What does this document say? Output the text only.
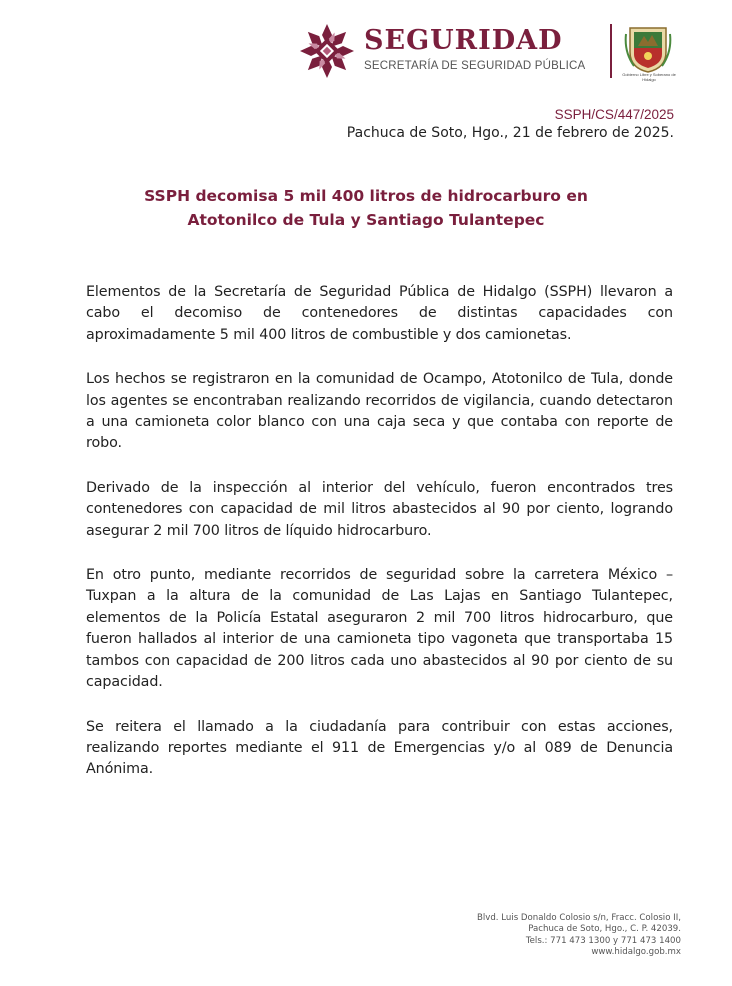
SEGURIDAD
SECRETARÍA DE SEGURIDAD PÚBLICA
Gobierno Libre y Soberano de Hidalgo
SSPH/CS/447/2025
Pachuca de Soto, Hgo., 21 de febrero de 2025.
SSPH decomisa 5 mil 400 litros de hidrocarburo en
Atotonilco de Tula y Santiago Tulantepec

Elementos de la Secretaría de Seguridad Pública de Hidalgo (SSPH) llevaron a cabo el decomiso de contenedores de distintas capacidades con aproximadamente 5 mil 400 litros de combustible y dos camionetas.

Los hechos se registraron en la comunidad de Ocampo, Atotonilco de Tula, donde los agentes se encontraban realizando recorridos de vigilancia, cuando detectaron a una camioneta color blanco con una caja seca y que contaba con reporte de robo.

Derivado de la inspección al interior del vehículo, fueron encontrados tres contenedores con capacidad de mil litros abastecidos al 90 por ciento, logrando asegurar 2 mil 700 litros de líquido hidrocarburo.

En otro punto, mediante recorridos de seguridad sobre la carretera México – Tuxpan a la altura de la comunidad de Las Lajas en Santiago Tulantepec, elementos de la Policía Estatal aseguraron 2 mil 700 litros hidrocarburo, que fueron hallados al interior de una camioneta tipo vagoneta que transportaba 15 tambos con capacidad de 200 litros cada uno abastecidos al 90 por ciento de su capacidad.

Se reitera el llamado a la ciudadanía para contribuir con estas acciones, realizando reportes mediante el 911 de Emergencias y/o al 089 de Denuncia Anónima.

Blvd. Luis Donaldo Colosio s/n, Fracc. Colosio II,
Pachuca de Soto, Hgo., C. P. 42039.
Tels.: 771 473 1300 y 771 473 1400
www.hidalgo.gob.mx
